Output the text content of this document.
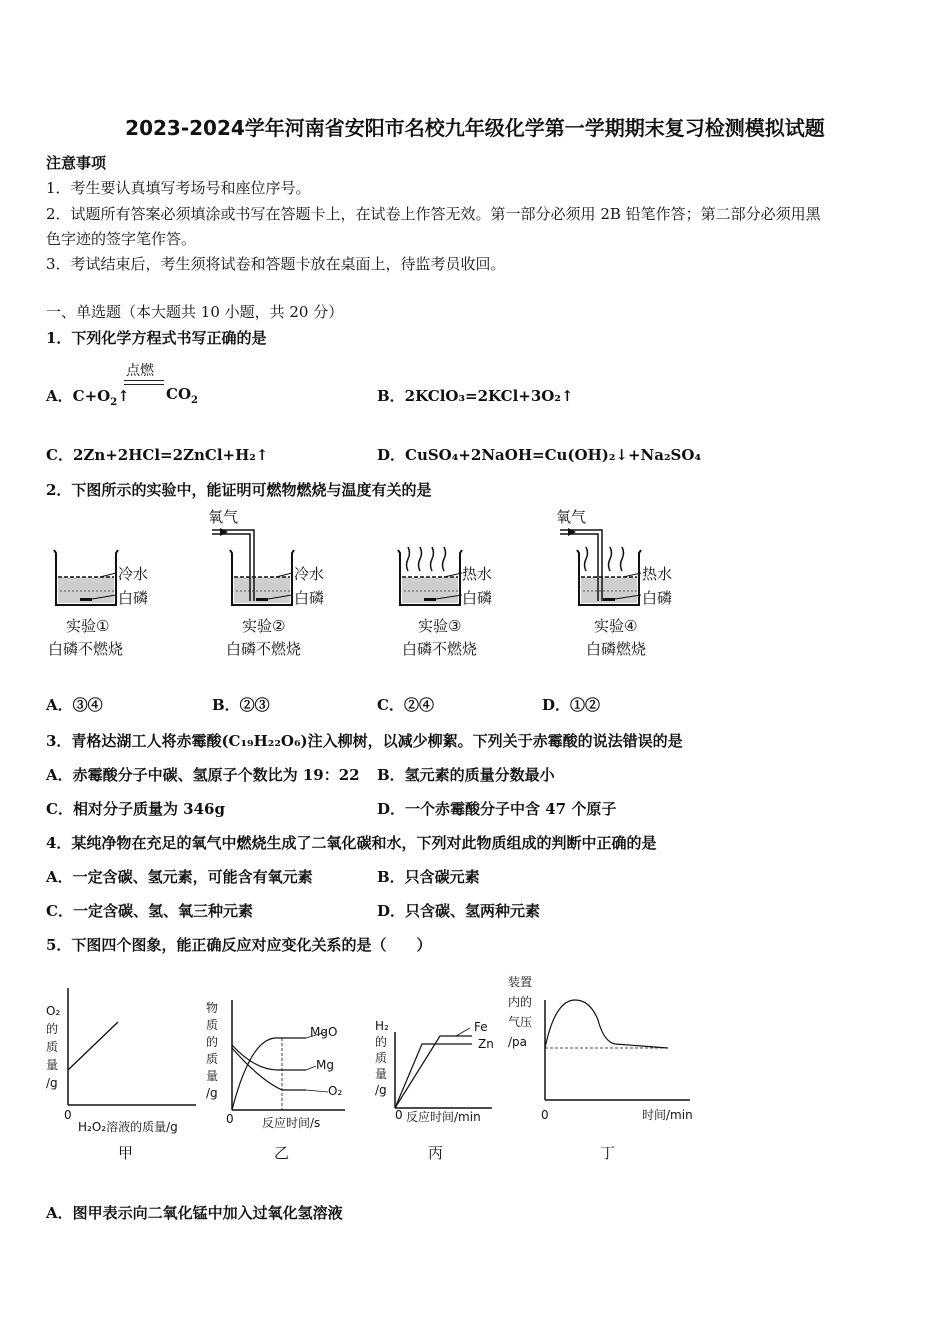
2023-2024学年河南省安阳市名校九年级化学第一学期期末复习检测模拟试题
注意事项
1．考生要认真填写考场号和座位序号。
2．试题所有答案必须填涂或书写在答题卡上，在试卷上作答无效。第一部分必须用 2B 铅笔作答；第二部分必须用黑
色字迹的签字笔作答。
3．考试结束后，考生须将试卷和答题卡放在桌面上，待监考员收回。
一、单选题（本大题共 10 小题，共 20 分）
1．下列化学方程式书写正确的是
A．$C+O_2↑$
点燃
$CO_2$	B．2KClO₃=2KCl+3O₂↑
C．2Zn+2HCl=2ZnCl+H₂↑	D．CuSO₄+2NaOH=Cu(OH)₂↓+Na₂SO₄
2．下图所示的实验中，能证明可燃物燃烧与温度有关的是
氧气	氧气
冷水
白磷
冷水
白磷
热水
白磷
热水
白磷
实验①
白磷不燃烧
实验②
白磷不燃烧
实验③
白磷不燃烧
实验④
白磷燃烧
A．③④	B．②③	C．②④	D．①②
3．青格达湖工人将赤霉酸(C₁₉H₂₂O₆)注入柳树，以减少柳絮。下列关于赤霉酸的说法错误的是
A．赤霉酸分子中碳、氢原子个数比为 19：22 B．氢元素的质量分数最小
C．相对分子质量为 346g	D．一个赤霉酸分子中含 47 个原子
4．某纯净物在充足的氧气中燃烧生成了二氧化碳和水，下列对此物质组成的判断中正确的是
A．一定含碳、氢元素，可能含有氧元素	B．只含碳元素
C．一定含碳、氢、氧三种元素	D．只含碳、氢两种元素
5．下图四个图象，能正确反应对应变化关系的是（　　）
O₂
的
质
量
/g
0
H₂O₂溶液的质量/g
甲
物
质
的
质
量
/g
MgO
Mg
O₂
0 反应时间/s
乙
H₂
的
质
量
/g
Fe
Zn
0 反应时间/min
丙
装置
内的
气压
/pa
0	时间/min
丁
A．图甲表示向二氧化锰中加入过氧化氢溶液
